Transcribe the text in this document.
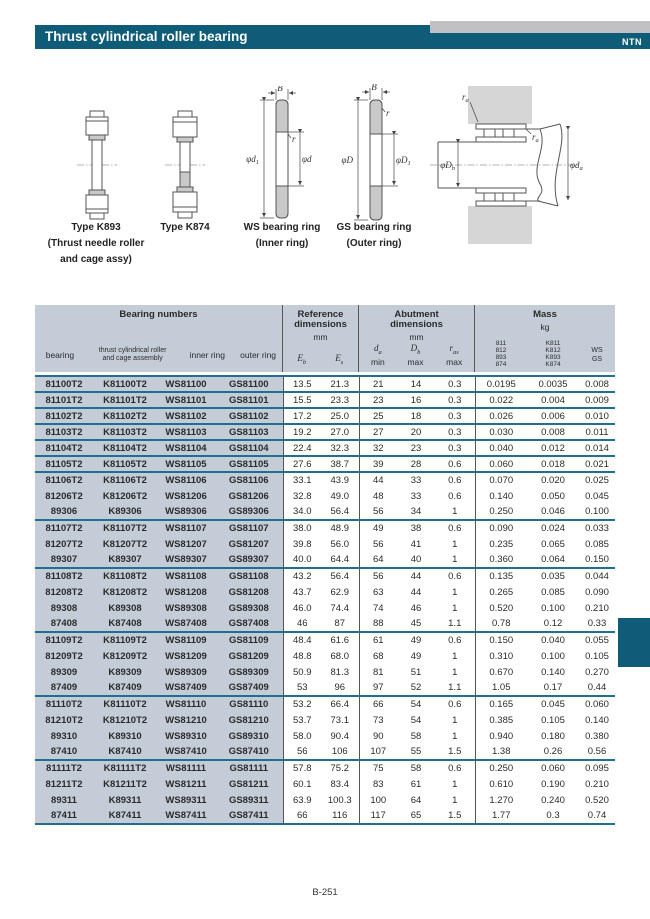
Thrust cylindrical roller bearing	NTN
Type K893
(Thrust needle roller
and cage assy)
Type K874
B
r
$\varphi d_1$	φd
WS bearing ring
(Inner ring)
B
r
φD	$\varphi D_1$
GS bearing ring
(Outer ring)
$r_a$
$r_a$
$\varphi D_b$	$\varphi d_a$
Bearing numbers
bearing	thrust cylindrical roller
and cage assembly	inner ring	outer ring
Reference
dimensions
mm
$E_b$	$E_s$
Abutment
dimensions
mm
$d_a$
min
$D_b$
max
$r_{as}$
max
Mass
kg
811
812
893
874
K811
K812
K893
K874
WS
GS
81100T2	K81100T2	WS81100	GS81100	13.5	21.3	21	14	0.3	0.0195	0.0035	0.008
81101T2	K81101T2	WS81101	GS81101	15.5	23.3	23	16	0.3	0.022	0.004	0.009
81102T2	K81102T2	WS81102	GS81102	17.2	25.0	25	18	0.3	0.026	0.006	0.010
81103T2	K81103T2	WS81103	GS81103	19.2	27.0	27	20	0.3	0.030	0.008	0.011
81104T2	K81104T2	WS81104	GS81104	22.4	32.3	32	23	0.3	0.040	0.012	0.014
81105T2	K81105T2	WS81105	GS81105	27.6	38.7	39	28	0.6	0.060	0.018	0.021
81106T2	K81106T2	WS81106	GS81106	33.1	43.9	44	33	0.6	0.070	0.020	0.025
81206T2	K81206T2	WS81206	GS81206	32.8	49.0	48	33	0.6	0.140	0.050	0.045
89306	K89306	WS89306	GS89306	34.0	56.4	56	34	1	0.250	0.046	0.100
81107T2	K81107T2	WS81107	GS81107	38.0	48.9	49	38	0.6	0.090	0.024	0.033
81207T2	K81207T2	WS81207	GS81207	39.8	56.0	56	41	1	0.235	0.065	0.085
89307	K89307	WS89307	GS89307	40.0	64.4	64	40	1	0.360	0.064	0.150
81108T2	K81108T2	WS81108	GS81108	43.2	56.4	56	44	0.6	0.135	0.035	0.044
81208T2	K81208T2	WS81208	GS81208	43.7	62.9	63	44	1	0.265	0.085	0.090
89308	K89308	WS89308	GS89308	46.0	74.4	74	46	1	0.520	0.100	0.210
87408	K87408	WS87408	GS87408	46	87	88	45	1.1	0.78	0.12	0.33
81109T2	K81109T2	WS81109	GS81109	48.4	61.6	61	49	0.6	0.150	0.040	0.055
81209T2	K81209T2	WS81209	GS81209	48.8	68.0	68	49	1	0.310	0.100	0.105
89309	K89309	WS89309	GS89309	50.9	81.3	81	51	1	0.670	0.140	0.270
87409	K87409	WS87409	GS87409	53	96	97	52	1.1	1.05	0.17	0.44
81110T2	K81110T2	WS81110	GS81110	53.2	66.4	66	54	0.6	0.165	0.045	0.060
81210T2	K81210T2	WS81210	GS81210	53.7	73.1	73	54	1	0.385	0.105	0.140
89310	K89310	WS89310	GS89310	58.0	90.4	90	58	1	0.940	0.180	0.380
87410	K87410	WS87410	GS87410	56	106	107	55	1.5	1.38	0.26	0.56
81111T2	K81111T2	WS81111	GS81111	57.8	75.2	75	58	0.6	0.250	0.060	0.095
81211T2	K81211T2	WS81211	GS81211	60.1	83.4	83	61	1	0.610	0.190	0.210
89311	K89311	WS89311	GS89311	63.9	100.3	100	64	1	1.270	0.240	0.520
87411	K87411	WS87411	GS87411	66	116	117	65	1.5	1.77	0.3	0.74
B-251
